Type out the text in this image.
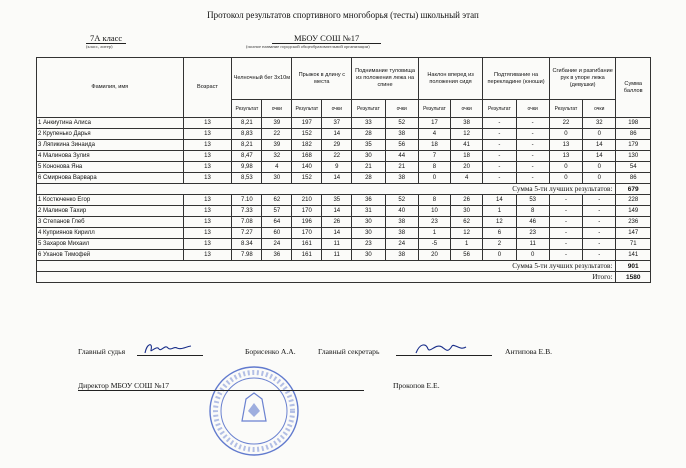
Протокол результатов спортивного многоборья (тесты) школьный этап
7А класс
(класс, литер)
МБОУ СОШ №17
(полное название городской общеобразовательной организации)
Фамилия, имя	Возраст	Челночный бег 3х10м		Прыжок в длину с места		Поднимание туловища из положения лежа на спине		Наклон вперед из положения сидя		Подтягивание на перекладине (юноши)		Сгибание и разгибание рук в упоре лежа (девушки)		Сумма баллов
		Результат	очки	Результат	очки	Результат	очки	Результат	очки	Результат	очки	Результат	очки	
1 Анкиутина Алиса	13	8,21	39	197	37	33	52	17	38	-	-	22	32	198
2 Крупенько Дарья	13	8,83	22	152	14	28	38	4	12	-	-	0	0	86
3 Ляпикина Зинаида	13	8,21	39	182	29	35	56	18	41	-	-	13	14	179
4 Малинова Зулия	13	8,47	32	168	22	30	44	7	18	-	-	13	14	130
5 Кононова Яна	13	9,98	4	140	9	21	21	8	20	-	-	0	0	54
6 Смирнова Варвара	13	8,53	30	152	14	28	38	0	4	-	-	0	0	86
Сумма 5-ти лучших результатов:														679
1 Костюченко Егор	13	7.10	62	210	35	36	52	8	26	14	53	-	-	228
2 Малинов Тахир	13	7.33	57	170	14	31	40	10	30	1	8	-	-	149
3 Степанов Глеб	13	7.08	64	196	26	30	38	23	62	12	46	-	-	236
4 Куприянов Кирилл	13	7.27	60	170	14	30	38	1	12	6	23	-	-	147
5 Захаров Михаил	13	8.34	24	161	11	23	24	-5	1	2	11	-	-	71
6 Уханов Тимофей	13	7.98	36	161	11	30	38	20	56	0	0	-	-	141
Сумма 5-ти лучших результатов:														901
Итого:														1580
Главный судья	Борисенко А.А.	Главный секретарь	Антипова Е.В.
Директор МБОУ СОШ №17	Прокопов Е.Е.
